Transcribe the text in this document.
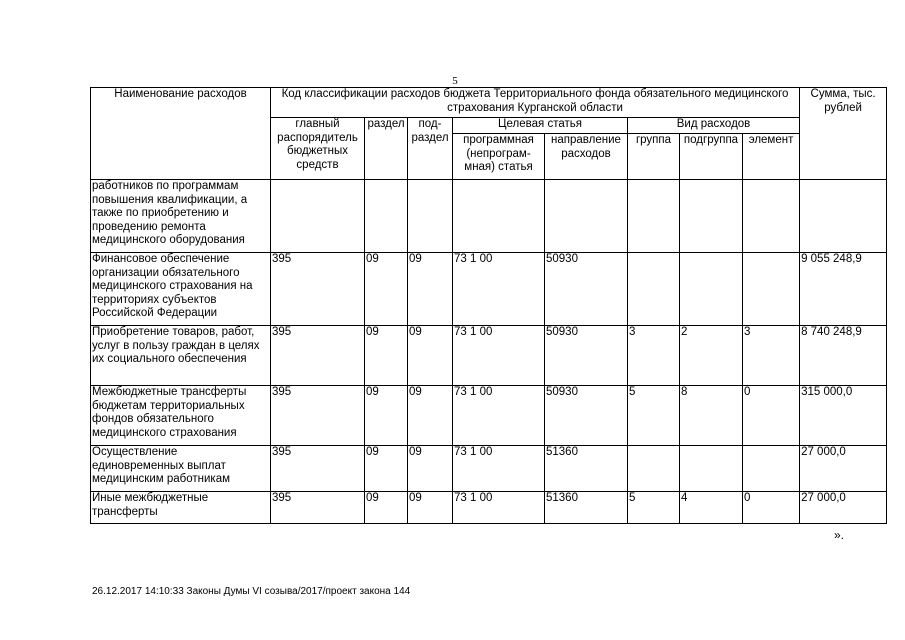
5
Наименование расходов	Код классификации расходов бюджета Территориального фонда обязательного медицинского страхования Курганской области								Сумма, тыс. рублей
	главный распорядитель бюджетных средств	раздел	под-раздел	Целевая статья		Вид расходов			
				программная (непрограм-мная) статья	направление расходов	группа	подгруппа	элемент	
работников по программам повышения квалификации, а также по приобретению и проведению ремонта медицинского оборудования									
Финансовое обеспечение организации обязательного медицинского страхования на территориях субъектов Российской Федерации	395	09	09	73 1 00	50930				9 055 248,9
Приобретение товаров, работ, услуг в пользу граждан в целях их социального обеспечения	395	09	09	73 1 00	50930	3	2	3	8 740 248,9
Межбюджетные трансферты бюджетам территориальных фондов обязательного медицинского страхования	395	09	09	73 1 00	50930	5	8	0	315 000,0
Осуществление единовременных выплат медицинским работникам	395	09	09	73 1 00	51360				27 000,0
Иные межбюджетные трансферты	395	09	09	73 1 00	51360	5	4	0	27 000,0
».
26.12.2017 14:10:33 Законы Думы VI созыва/2017/проект закона 144
